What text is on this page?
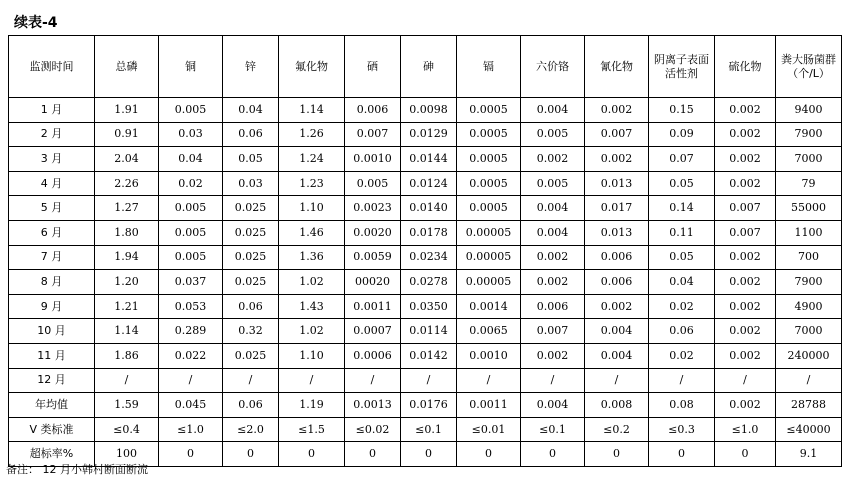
续表-4
监测时间	总磷	铜	锌	氟化物	硒	砷	镉	六价铬	氰化物	阴离子表面活性剂	硫化物	粪大肠菌群（个/L）
1 月	1.91	0.005	0.04	1.14	0.006	0.0098	0.0005	0.004	0.002	0.15	0.002	9400
2 月	0.91	0.03	0.06	1.26	0.007	0.0129	0.0005	0.005	0.007	0.09	0.002	7900
3 月	2.04	0.04	0.05	1.24	0.0010	0.0144	0.0005	0.002	0.002	0.07	0.002	7000
4 月	2.26	0.02	0.03	1.23	0.005	0.0124	0.0005	0.005	0.013	0.05	0.002	79
5 月	1.27	0.005	0.025	1.10	0.0023	0.0140	0.0005	0.004	0.017	0.14	0.007	55000
6 月	1.80	0.005	0.025	1.46	0.0020	0.0178	0.00005	0.004	0.013	0.11	0.007	1100
7 月	1.94	0.005	0.025	1.36	0.0059	0.0234	0.00005	0.002	0.006	0.05	0.002	700
8 月	1.20	0.037	0.025	1.02	00020	0.0278	0.00005	0.002	0.006	0.04	0.002	7900
9 月	1.21	0.053	0.06	1.43	0.0011	0.0350	0.0014	0.006	0.002	0.02	0.002	4900
10 月	1.14	0.289	0.32	1.02	0.0007	0.0114	0.0065	0.007	0.004	0.06	0.002	7000
11 月	1.86	0.022	0.025	1.10	0.0006	0.0142	0.0010	0.002	0.004	0.02	0.002	240000
12 月	/	/	/	/	/	/	/	/	/	/	/	/
年均值	1.59	0.045	0.06	1.19	0.0013	0.0176	0.0011	0.004	0.008	0.08	0.002	28788
V 类标准	≤0.4	≤1.0	≤2.0	≤1.5	≤0.02	≤0.1	≤0.01	≤0.1	≤0.2	≤0.3	≤1.0	≤40000
超标率%	100	0	0	0	0	0	0	0	0	0	0	9.1
备注： 12 月小韩村断面断流
